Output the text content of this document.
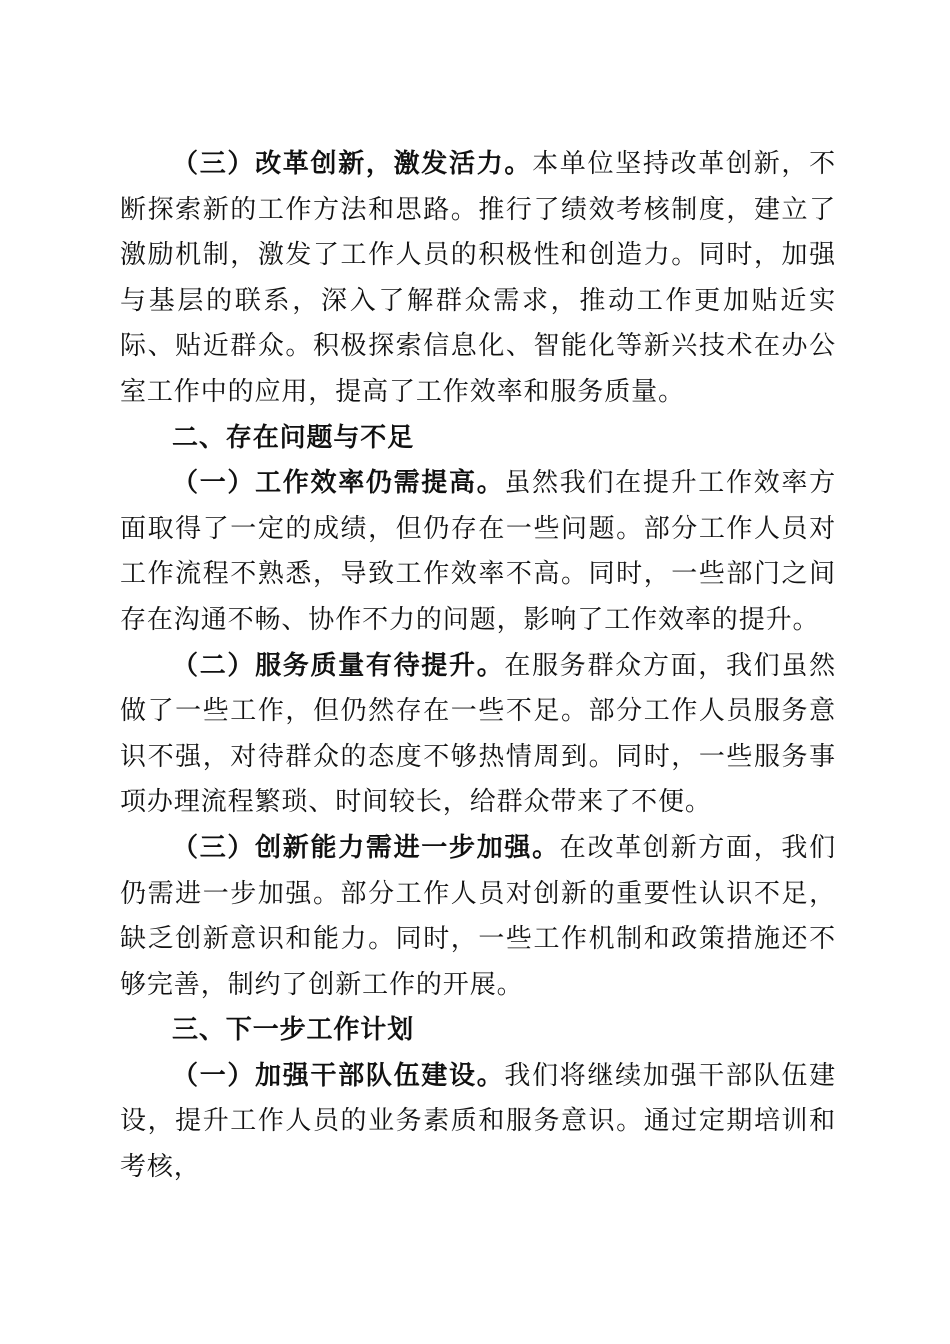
（三）改革创新，激发活力。本单位坚持改革创新，不断探索新的工作方法和思路。推行了绩效考核制度，建立了激励机制，激发了工作人员的积极性和创造力。同时，加强与基层的联系，深入了解群众需求，推动工作更加贴近实际、贴近群众。积极探索信息化、智能化等新兴技术在办公室工作中的应用，提高了工作效率和服务质量。

二、存在问题与不足

（一）工作效率仍需提高。虽然我们在提升工作效率方面取得了一定的成绩，但仍存在一些问题。部分工作人员对工作流程不熟悉，导致工作效率不高。同时，一些部门之间存在沟通不畅、协作不力的问题，影响了工作效率的提升。

（二）服务质量有待提升。在服务群众方面，我们虽然做了一些工作，但仍然存在一些不足。部分工作人员服务意识不强，对待群众的态度不够热情周到。同时，一些服务事项办理流程繁琐、时间较长，给群众带来了不便。

（三）创新能力需进一步加强。在改革创新方面，我们仍需进一步加强。部分工作人员对创新的重要性认识不足，缺乏创新意识和能力。同时，一些工作机制和政策措施还不够完善，制约了创新工作的开展。

三、下一步工作计划

（一）加强干部队伍建设。我们将继续加强干部队伍建设，提升工作人员的业务素质和服务意识。通过定期培训和考核，
